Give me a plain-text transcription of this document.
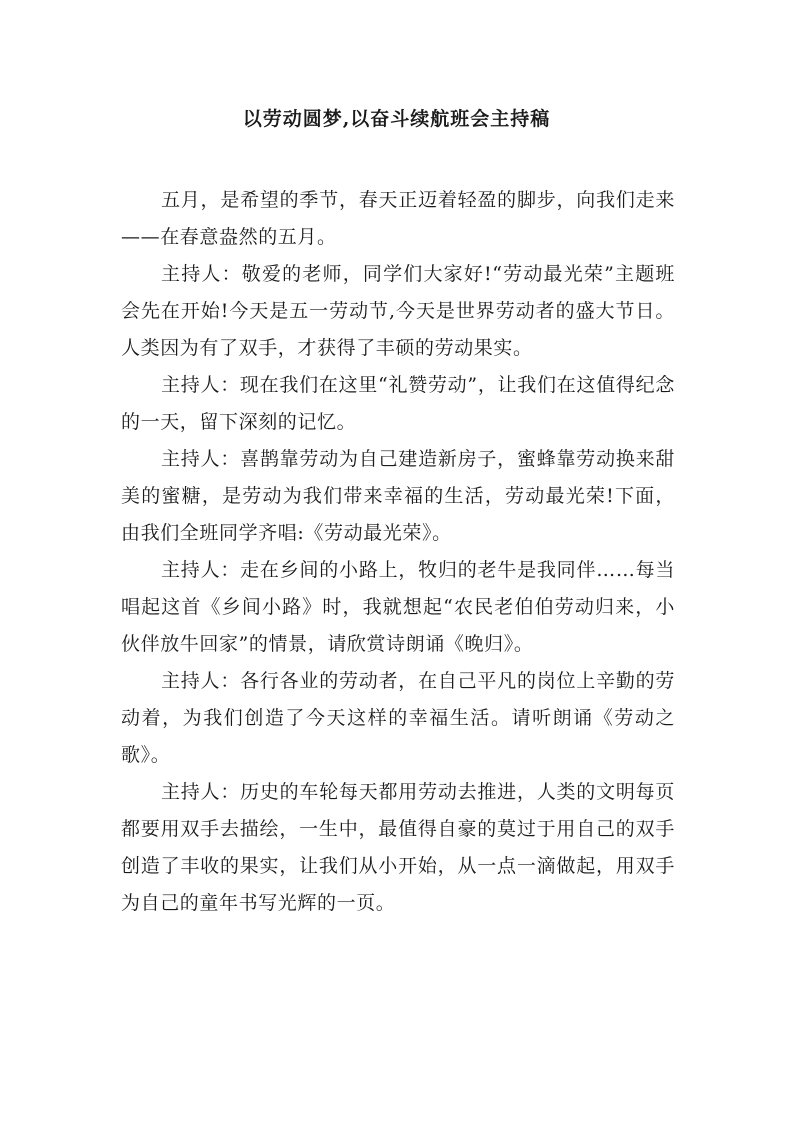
以劳动圆梦,以奋斗续航班会主持稿

五月，是希望的季节，春天正迈着轻盈的脚步，向我们走来——在春意盎然的五月。

主持人：敬爱的老师，同学们大家好!“劳动最光荣”主题班会先在开始!今天是五一劳动节,今天是世界劳动者的盛大节日。人类因为有了双手，才获得了丰硕的劳动果实。

主持人：现在我们在这里“礼赞劳动”，让我们在这值得纪念的一天，留下深刻的记忆。

主持人：喜鹊靠劳动为自己建造新房子，蜜蜂靠劳动换来甜美的蜜糖，是劳动为我们带来幸福的生活，劳动最光荣!下面，由我们全班同学齐唱:《劳动最光荣》。

主持人：走在乡间的小路上，牧归的老牛是我同伴……每当唱起这首《乡间小路》时，我就想起“农民老伯伯劳动归来，小伙伴放牛回家”的情景，请欣赏诗朗诵《晚归》。

主持人：各行各业的劳动者，在自己平凡的岗位上辛勤的劳动着，为我们创造了今天这样的幸福生活。请听朗诵《劳动之歌》。

主持人：历史的车轮每天都用劳动去推进，人类的文明每页都要用双手去描绘，一生中，最值得自豪的莫过于用自己的双手创造了丰收的果实，让我们从小开始，从一点一滴做起，用双手为自己的童年书写光辉的一页。
